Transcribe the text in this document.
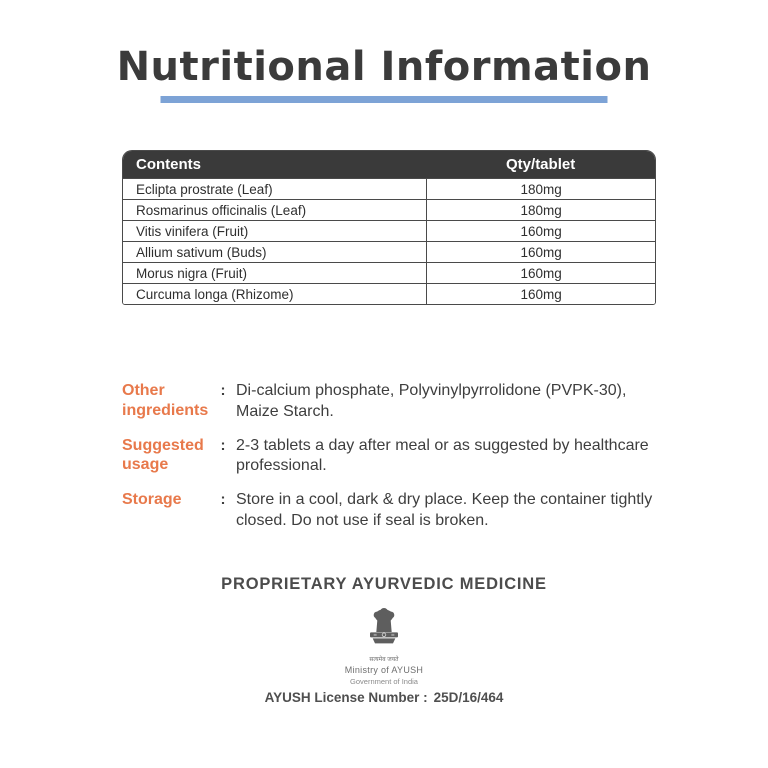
Nutritional Information
Contents	Qty/tablet
Eclipta prostrate (Leaf)	180mg
Rosmarinus officinalis (Leaf)	180mg
Vitis vinifera (Fruit)	160mg
Allium sativum (Buds)	160mg
Morus nigra (Fruit)	160mg
Curcuma longa (Rhizome)	160mg
Other ingredients
: Di-calcium phosphate, Polyvinylpyrrolidone (PVPK-30), Maize Starch.
Suggested usage
: 2-3 tablets a day after meal or as suggested by healthcare professional.
Storage	: Store in a cool, dark & dry place. Keep the container tightly closed. Do not use if seal is broken.
PROPRIETARY AYURVEDIC MEDICINE
सत्यमेव जयते
Ministry of AYUSH
Government of India
AYUSH License Number : 25D/16/464
